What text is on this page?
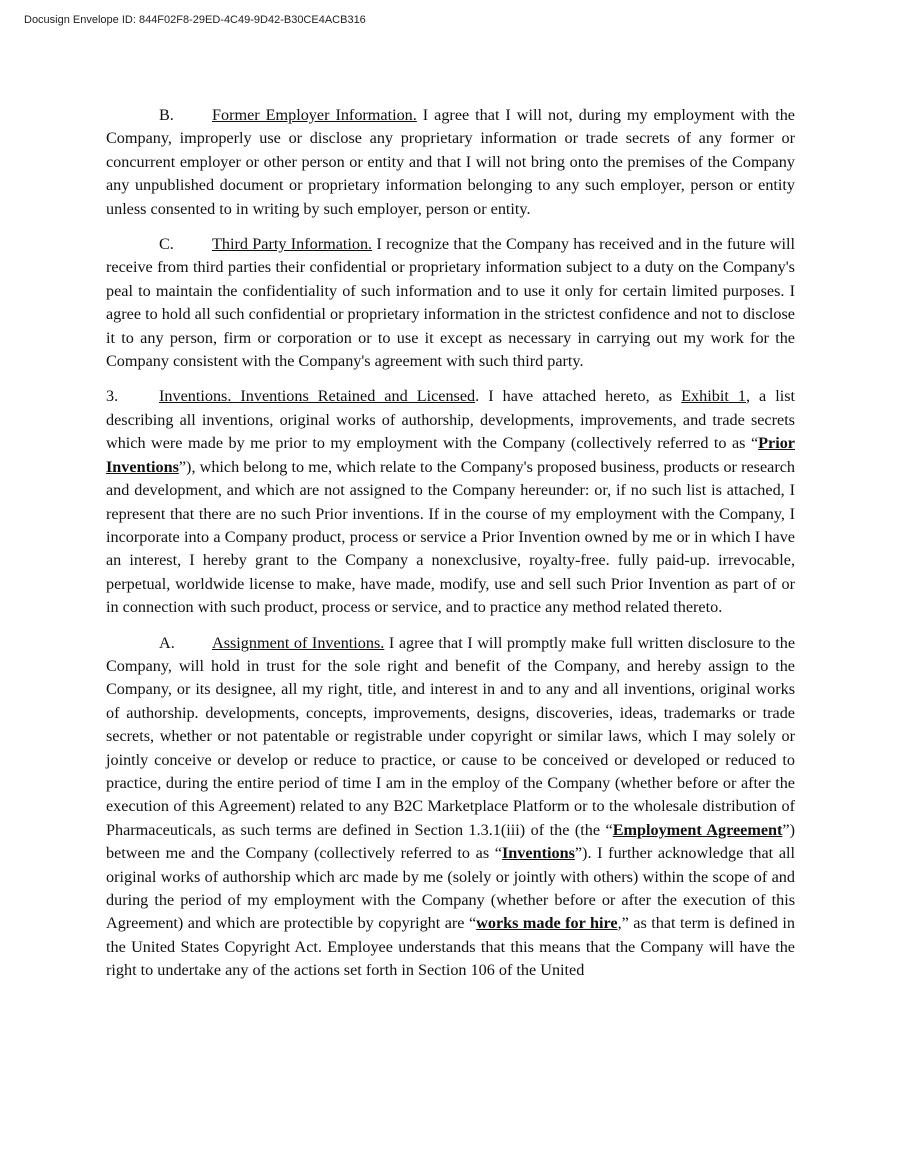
Docusign Envelope ID: 844F02F8-29ED-4C49-9D42-B30CE4ACB316

B. Former Employer Information. I agree that I will not, during my employment with the Company, improperly use or disclose any proprietary information or trade secrets of any former or concurrent employer or other person or entity and that I will not bring onto the premises of the Company any unpublished document or proprietary information belonging to any such employer, person or entity unless consented to in writing by such employer, person or entity.

C. Third Party Information. I recognize that the Company has received and in the future will receive from third parties their confidential or proprietary information subject to a duty on the Company's peal to maintain the confidentiality of such information and to use it only for certain limited purposes. I agree to hold all such confidential or proprietary information in the strictest confidence and not to disclose it to any person, firm or corporation or to use it except as necessary in carrying out my work for the Company consistent with the Company's agreement with such third party.

3.	Inventions. Inventions Retained and Licensed. I have attached hereto, as Exhibit 1, a list describing all inventions, original works of authorship, developments, improvements, and trade secrets which were made by me prior to my employment with the Company (collectively referred to as “Prior Inventions”), which belong to me, which relate to the Company's proposed business, products or research and development, and which are not assigned to the Company hereunder: or, if no such list is attached, I represent that there are no such Prior inventions. If in the course of my employment with the Company, I incorporate into a Company product, process or service a Prior Invention owned by me or in which I have an interest, I hereby grant to the Company a nonexclusive, royalty-free. fully paid-up. irrevocable, perpetual, worldwide license to make, have made, modify, use and sell such Prior Invention as part of or in connection with such product, process or service, and to practice any method related thereto.

A. Assignment of Inventions. I agree that I will promptly make full written disclosure to the Company, will hold in trust for the sole right and benefit of the Company, and hereby assign to the Company, or its designee, all my right, title, and interest in and to any and all inventions, original works of authorship. developments, concepts, improvements, designs, discoveries, ideas, trademarks or trade secrets, whether or not patentable or registrable under copyright or similar laws, which I may solely or jointly conceive or develop or reduce to practice, or cause to be conceived or developed or reduced to practice, during the entire period of time I am in the employ of the Company (whether before or after the execution of this Agreement) related to any B2C Marketplace Platform or to the wholesale distribution of Pharmaceuticals, as such terms are defined in Section 1.3.1(iii) of the (the “Employment Agreement”) between me and the Company (collectively referred to as “Inventions”). I further acknowledge that all original works of authorship which arc made by me (solely or jointly with others) within the scope of and during the period of my employment with the Company (whether before or after the execution of this Agreement) and which are protectible by copyright are “works made for hire,” as that term is defined in the United States Copyright Act. Employee understands that this means that the Company will have the right to undertake any of the actions set forth in Section 106 of the United
